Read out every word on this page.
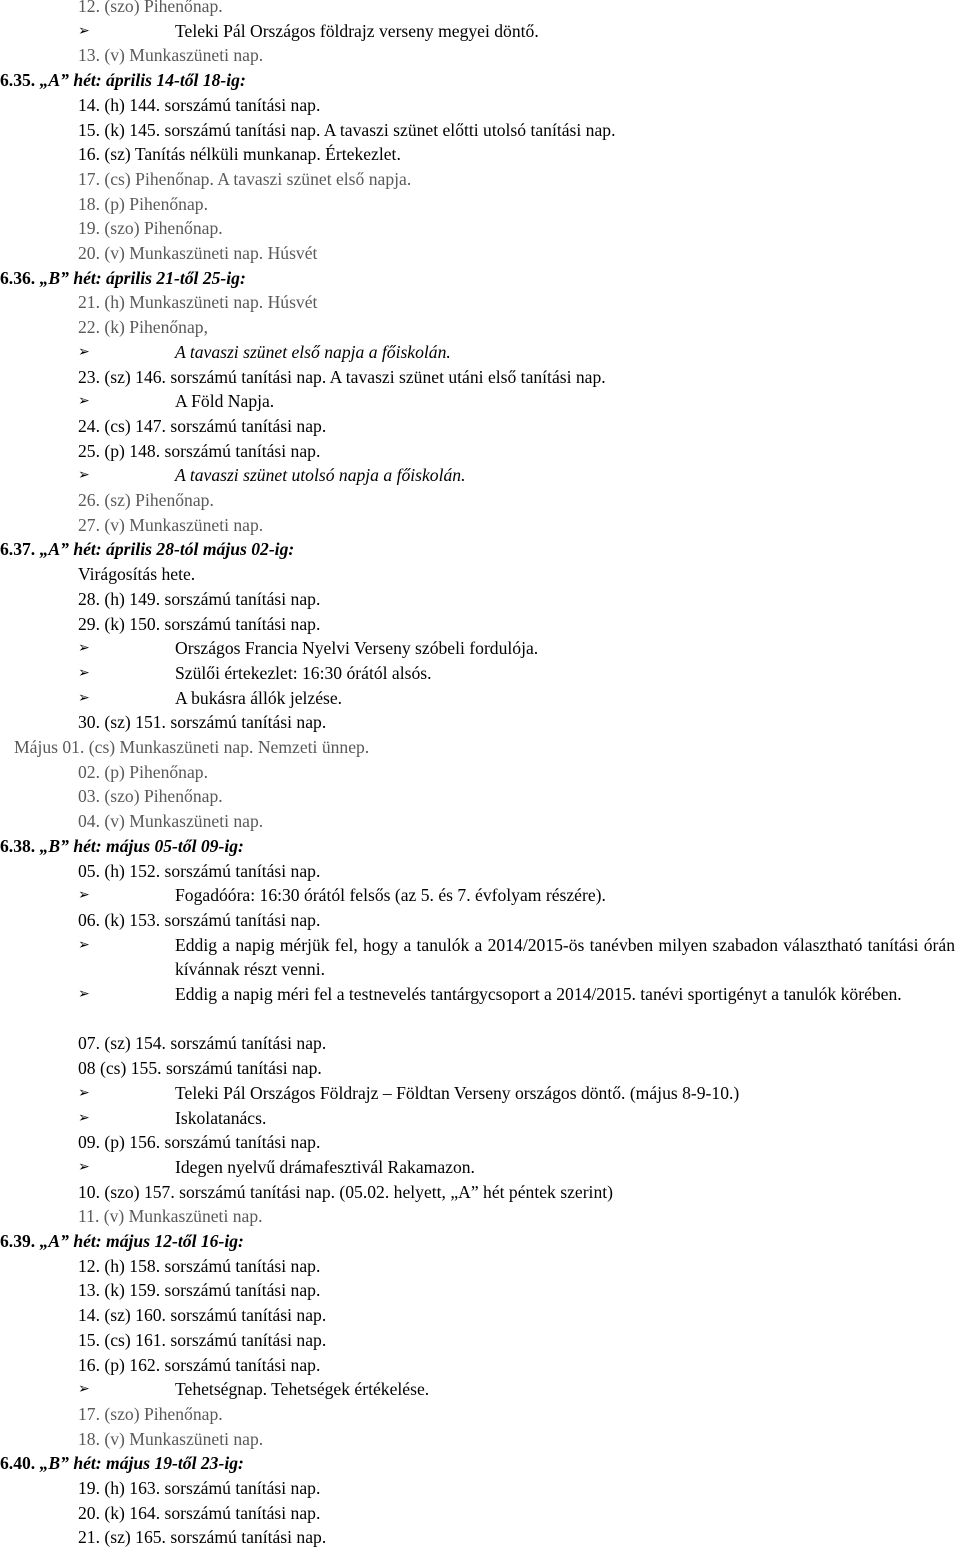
12. (szo) Pihenőnap.
➢	Teleki Pál Országos földrajz verseny megyei döntő.
13. (v) Munkaszüneti nap.
6.35. „A” hét: április 14-től 18-ig:
14. (h) 144. sorszámú tanítási nap.
15. (k) 145. sorszámú tanítási nap. A tavaszi szünet előtti utolsó tanítási nap.
16. (sz) Tanítás nélküli munkanap. Értekezlet.
17. (cs) Pihenőnap. A tavaszi szünet első napja.
18. (p) Pihenőnap.
19. (szo) Pihenőnap.
20. (v) Munkaszüneti nap. Húsvét
6.36. „B” hét: április 21-től 25-ig:
21. (h) Munkaszüneti nap. Húsvét
22. (k) Pihenőnap,
➢	A tavaszi szünet első napja a főiskolán.
23. (sz) 146. sorszámú tanítási nap. A tavaszi szünet utáni első tanítási nap.
➢	A Föld Napja.
24. (cs) 147. sorszámú tanítási nap.
25. (p) 148. sorszámú tanítási nap.
➢	A tavaszi szünet utolsó napja a főiskolán.
26. (sz) Pihenőnap.
27. (v) Munkaszüneti nap.
6.37. „A” hét: április 28-tól május 02-ig:
Virágosítás hete.
28. (h) 149. sorszámú tanítási nap.
29. (k) 150. sorszámú tanítási nap.
➢	Országos Francia Nyelvi Verseny szóbeli fordulója.
➢	Szülői értekezlet: 16:30 órától alsós.
➢	A bukásra állók jelzése.
30. (sz) 151. sorszámú tanítási nap.
Május 01. (cs) Munkaszüneti nap. Nemzeti ünnep.
02. (p) Pihenőnap.
03. (szo) Pihenőnap.
04. (v) Munkaszüneti nap.
6.38. „B” hét: május 05-től 09-ig:
05. (h) 152. sorszámú tanítási nap.
➢	Fogadóóra: 16:30 órától felsős (az 5. és 7. évfolyam részére).
06. (k) 153. sorszámú tanítási nap.
➢	Eddig a napig mérjük fel, hogy a tanulók a 2014/2015-ös tanévben milyen szabadon választható tanítási órán kívánnak részt venni.
➢	Eddig a napig méri fel a testnevelés tantárgycsoport a 2014/2015. tanévi sportigényt a tanulók körében.
07. (sz) 154. sorszámú tanítási nap.
08 (cs) 155. sorszámú tanítási nap.
➢	Teleki Pál Országos Földrajz – Földtan Verseny országos döntő. (május 8-9-10.)
➢	Iskolatanács.
09. (p) 156. sorszámú tanítási nap.
➢	Idegen nyelvű drámafesztivál Rakamazon.
10. (szo) 157. sorszámú tanítási nap. (05.02. helyett, „A” hét péntek szerint)
11. (v) Munkaszüneti nap.
6.39. „A” hét: május 12-től 16-ig:
12. (h) 158. sorszámú tanítási nap.
13. (k) 159. sorszámú tanítási nap.
14. (sz) 160. sorszámú tanítási nap.
15. (cs) 161. sorszámú tanítási nap.
16. (p) 162. sorszámú tanítási nap.
➢	Tehetségnap. Tehetségek értékelése.
17. (szo) Pihenőnap.
18. (v) Munkaszüneti nap.
6.40. „B” hét: május 19-től 23-ig:
19. (h) 163. sorszámú tanítási nap.
20. (k) 164. sorszámú tanítási nap.
21. (sz) 165. sorszámú tanítási nap.
